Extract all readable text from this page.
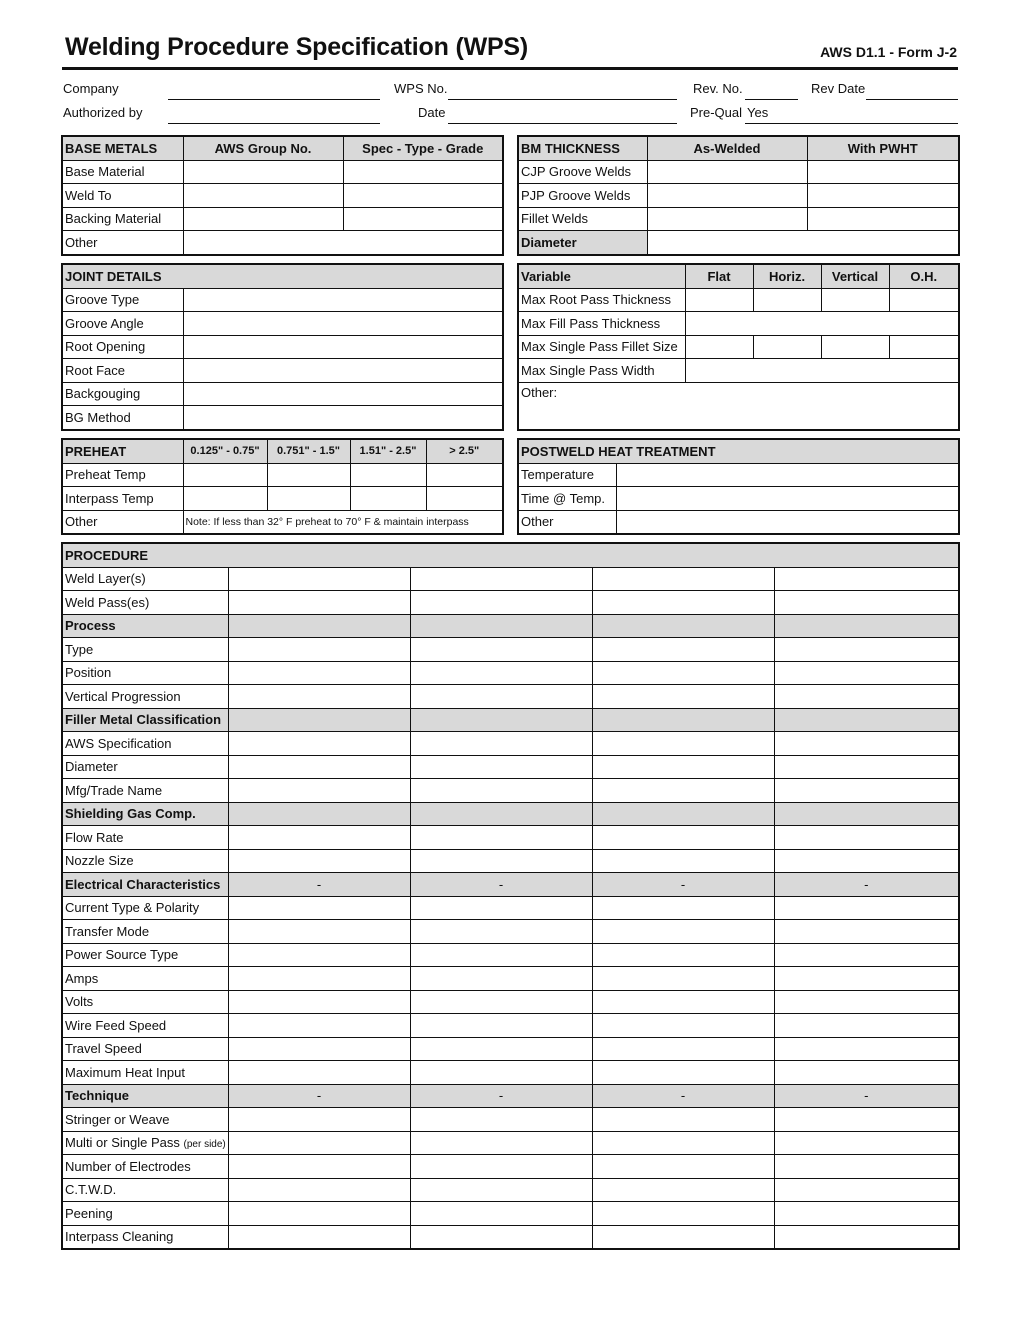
Welding Procedure Specification (WPS)	AWS D1.1 - Form J-2
Company	WPS No.	Rev. No.	Rev Date
Authorized by	Date	Pre-Qual Yes
BASE METALS	AWS Group No.	Spec - Type - Grade
Base Material		
Weld To		
Backing Material		
Other		
BM THICKNESS	As-Welded	With PWHT
CJP Groove Welds		
PJP Groove Welds		
Fillet Welds		
Diameter		
JOINT DETAILS	
Groove Type	
Groove Angle	
Root Opening	
Root Face	
Backgouging	
BG Method	
Variable	Flat	Horiz.	Vertical	O.H.
Max Root Pass Thickness				
Max Fill Pass Thickness				
Max Single Pass Fillet Size				
Max Single Pass Width				
Other:				
PREHEAT	0.125" - 0.75"	0.751" - 1.5"	1.51" - 2.5"	> 2.5"
Preheat Temp				
Interpass Temp				
Other	Note: If less than 32° F preheat to 70° F & maintain interpass			
POSTWELD HEAT TREATMENT	
Temperature	
Time @ Temp.	
Other	
PROCEDURE				
Weld Layer(s)				
Weld Pass(es)				
Process				
Type				
Position				
Vertical Progression				
Filler Metal Classification				
AWS Specification				
Diameter				
Mfg/Trade Name				
Shielding Gas Comp.				
Flow Rate				
Nozzle Size				
Electrical Characteristics	-	-	-	-
Current Type & Polarity				
Transfer Mode				
Power Source Type				
Amps				
Volts				
Wire Feed Speed				
Travel Speed				
Maximum Heat Input				
Technique	-	-	-	-
Stringer or Weave				
Multi or Single Pass (per side)				
Number of Electrodes				
C.T.W.D.				
Peening				
Interpass Cleaning				
